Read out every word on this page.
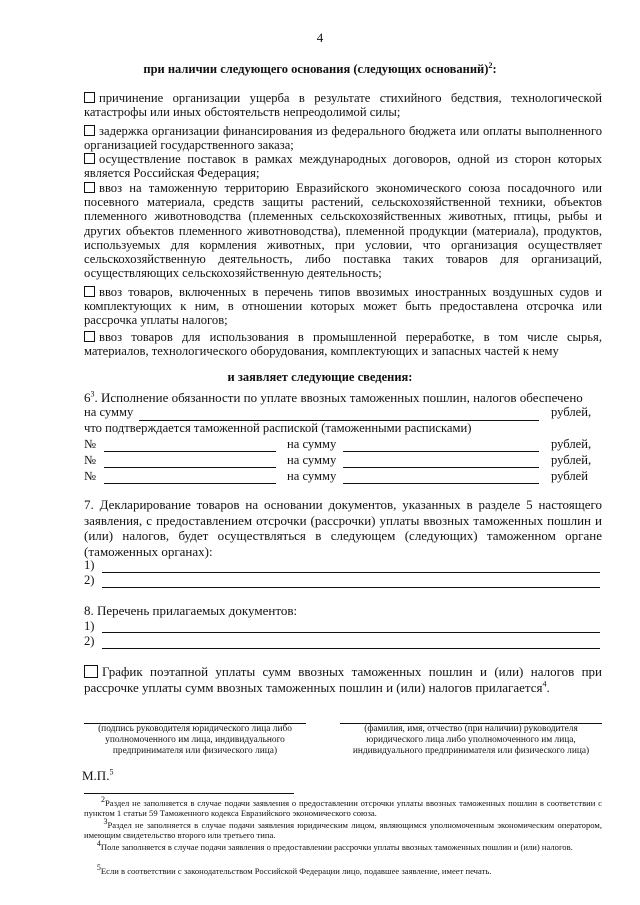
4
при наличии следующего основания (следующих оснований)$^2$:
причинение организации ущерба в результате стихийного бедствия, технологической катастрофы или иных обстоятельств непреодолимой силы;
задержка организации финансирования из федерального бюджета или оплаты выполненного организацией государственного заказа;
осуществление поставок в рамках международных договоров, одной из сторон которых является Российская Федерация;
ввоз на таможенную территорию Евразийского экономического союза посадочного или посевного материала, средств защиты растений, сельскохозяйственной техники, объектов племенного животноводства (племенных сельскохозяйственных животных, птицы, рыбы и других объектов племенного животноводства), племенной продукции (материала), продуктов, используемых для кормления животных, при условии, что организация осуществляет сельскохозяйственную деятельность, либо поставка таких товаров для организаций, осуществляющих сельскохозяйственную деятельность;
ввоз товаров, включенных в перечень типов ввозимых иностранных воздушных судов и комплектующих к ним, в отношении которых может быть предоставлена отсрочка или рассрочка уплаты налогов;
ввоз товаров для использования в промышленной переработке, в том числе сырья, материалов, технологического оборудования, комплектующих и запасных частей к нему
и заявляет следующие сведения:
$6^3$. Исполнение обязанности по уплате ввозных таможенных пошлин, налогов обеспечено
на сумму	рублей,
что подтверждается таможенной распиской (таможенными расписками)
№	на сумму	рублей,
№	на сумму	рублей,
№	на сумму	рублей
7. Декларирование товаров на основании документов, указанных в разделе 5 настоящего заявления, с предоставлением отсрочки (рассрочки) уплаты ввозных таможенных пошлин и (или) налогов, будет осуществляться в следующем (следующих) таможенном органе (таможенных органах):
1)
2)
8. Перечень прилагаемых документов:
1)
2)
График поэтапной уплаты сумм ввозных таможенных пошлин и (или) налогов при рассрочке уплаты сумм ввозных таможенных пошлин и (или) налогов прилагается$^4$.
(подпись руководителя юридического лица либо уполномоченного им лица, индивидуального предпринимателя или физического лица)
(фамилия, имя, отчество (при наличии) руководителя юридического лица либо уполномоченного им лица, индивидуального предпринимателя или физического лица)
М.П.$^5$
$^2$Раздел не заполняется в случае подачи заявления о предоставлении отсрочки уплаты ввозных таможенных пошлин в соответствии с пунктом 1 статьи 59 Таможенного кодекса Евразийского экономического союза.
$^3$Раздел не заполняется в случае подачи заявления юридическим лицом, являющимся уполномоченным экономическим оператором, имеющим свидетельство второго или третьего типа.
$^4$Поле заполняется в случае подачи заявления о предоставлении рассрочки уплаты ввозных таможенных пошлин и (или) налогов.
$^5$Если в соответствии с законодательством Российской Федерации лицо, подавшее заявление, имеет печать.
